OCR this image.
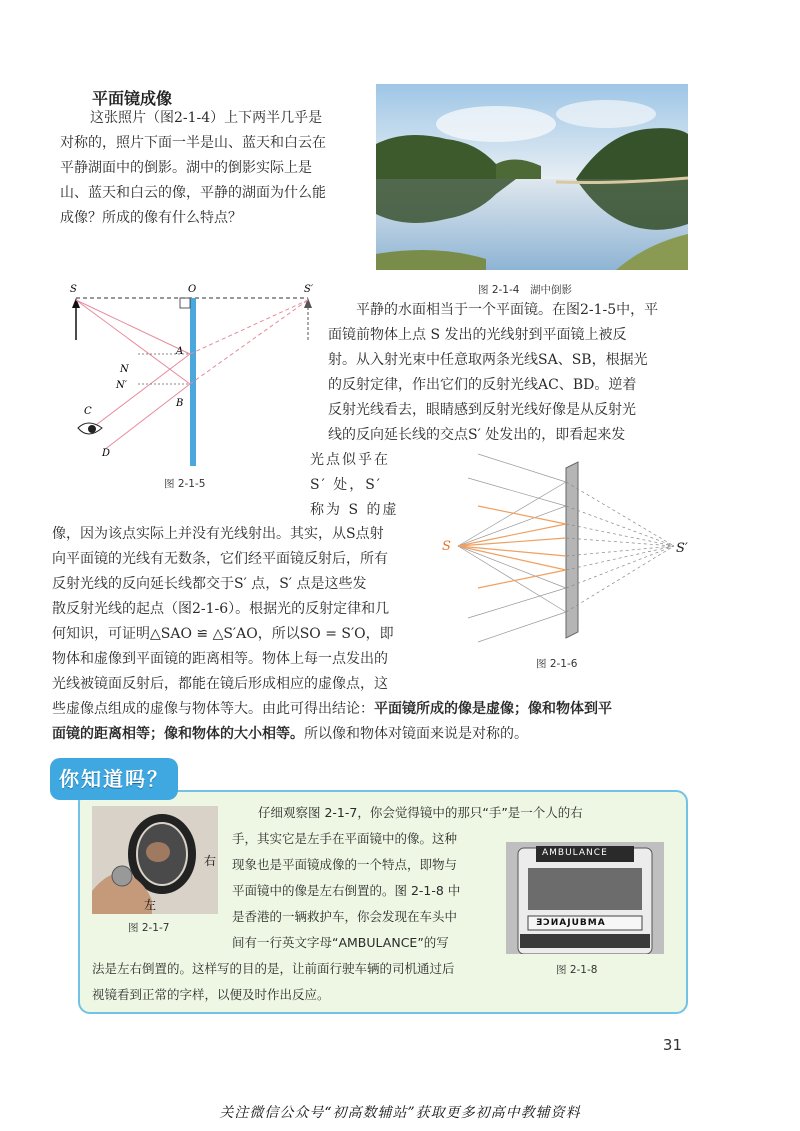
平面镜成像
这张照片（图2-1-4）上下两半几乎是
对称的，照片下面一半是山、蓝天和白云在
平静湖面中的倒影。湖中的倒影实际上是
山、蓝天和白云的像，平静的湖面为什么能
成像？所成的像有什么特点？
图 2-1-4　湖中倒影
S	O	S′
A
B
N
N′
C
D
图 2-1-5
平静的水面相当于一个平面镜。在图2-1-5中，平
面镜前物体上点 S 发出的光线射到平面镜上被反
射。从入射光束中任意取两条光线SA、SB，根据光
的反射定律，作出它们的反射光线AC、BD。逆着
反射光线看去，眼睛感到反射光线好像是从反射光
线的反向延长线的交点S′ 处发出的，即看起来发
光点似乎在
S′ 处，S′
称为 S 的虚
S	S′
图 2-1-6
像，因为该点实际上并没有光线射出。其实，从S点射
向平面镜的光线有无数条，它们经平面镜反射后，所有
反射光线的反向延长线都交于S′ 点，S′ 点是这些发
散反射光线的起点（图2-1-6）。根据光的反射定律和几
何知识，可证明△SAO ≌ △S′AO，所以SO = S′O，即
物体和虚像到平面镜的距离相等。物体上每一点发出的
光线被镜面反射后，都能在镜后形成相应的虚像点，这
些虚像点组成的虚像与物体等大。由此可得出结论：平面镜所成的像是虚像；像和物体到平
面镜的距离相等；像和物体的大小相等。所以像和物体对镜面来说是对称的。
你知道吗？
右
左
图 2-1-7
AMBULANCE
ƎƆИAJUBMA
图 2-1-8
仔细观察图 2-1-7，你会觉得镜中的那只“手”是一个人的右
手，其实它是左手在平面镜中的像。这种
现象也是平面镜成像的一个特点，即物与
平面镜中的像是左右倒置的。图 2-1-8 中
是香港的一辆救护车，你会发现在车头中
间有一行英文字母“AMBULANCE”的写
法是左右倒置的。这样写的目的是，让前面行驶车辆的司机通过后
视镜看到正常的字样，以便及时作出反应。
31
关注微信公众号“初高数辅站”获取更多初高中教辅资料
